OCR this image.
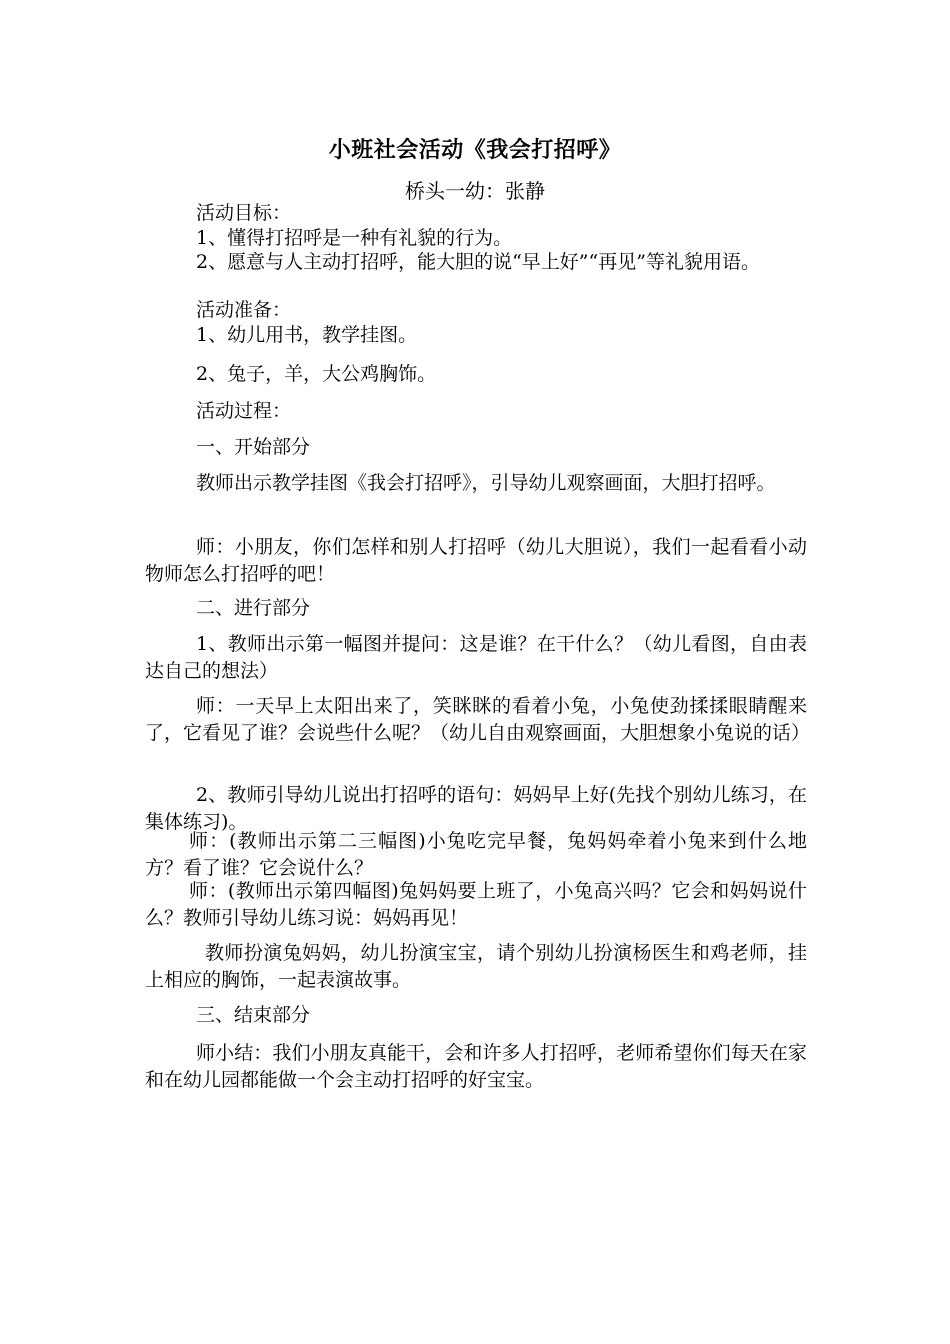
小班社会活动《我会打招呼》
桥头一幼：张静
活动目标：
1、懂得打招呼是一种有礼貌的行为。
2、愿意与人主动打招呼，能大胆的说“早上好”“再见”等礼貌用语。
活动准备：
1、幼儿用书，教学挂图。
2、兔子，羊，大公鸡胸饰。
活动过程：
一、开始部分
教师出示教学挂图《我会打招呼》，引导幼儿观察画面，大胆打招呼。
师：小朋友，你们怎样和别人打招呼（幼儿大胆说），我们一起看看小动物师怎么打招呼的吧！
二、进行部分
1、教师出示第一幅图并提问：这是谁？在干什么？（幼儿看图，自由表达自己的想法）
师：一天早上太阳出来了，笑眯眯的看着小兔，小兔使劲揉揉眼睛醒来了，它看见了谁？会说些什么呢？（幼儿自由观察画面，大胆想象小兔说的话）
2、教师引导幼儿说出打招呼的语句：妈妈早上好(先找个别幼儿练习，在集体练习)。
师：(教师出示第二三幅图)小兔吃完早餐，兔妈妈牵着小兔来到什么地方？看了谁？它会说什么？
师：(教师出示第四幅图)兔妈妈要上班了，小兔高兴吗？它会和妈妈说什么？教师引导幼儿练习说：妈妈再见！
教师扮演兔妈妈，幼儿扮演宝宝，请个别幼儿扮演杨医生和鸡老师，挂上相应的胸饰，一起表演故事。
三、结束部分
师小结：我们小朋友真能干，会和许多人打招呼，老师希望你们每天在家和在幼儿园都能做一个会主动打招呼的好宝宝。
